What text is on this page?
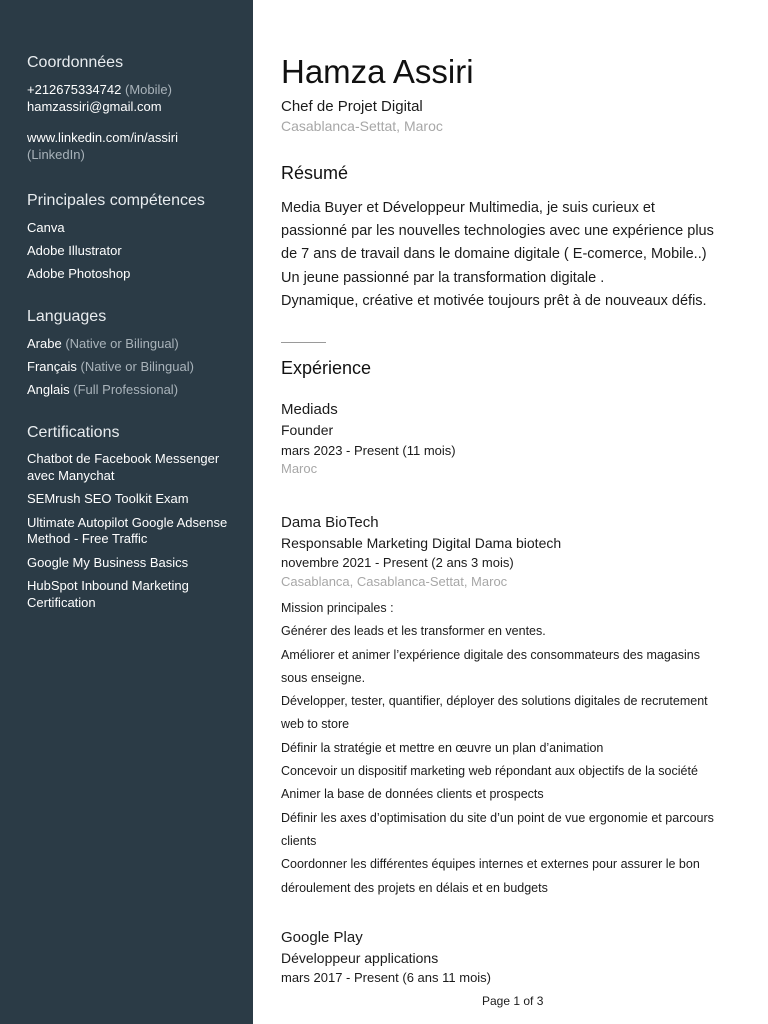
Coordonnées
+212675334742 (Mobile)
hamzassiri@gmail.com
www.linkedin.com/in/assiri
(LinkedIn)
Principales compétences
Canva
Adobe Illustrator
Adobe Photoshop
Languages
Arabe (Native or Bilingual)
Français (Native or Bilingual)
Anglais (Full Professional)
Certifications
Chatbot de Facebook Messenger avec Manychat
SEMrush SEO Toolkit Exam
Ultimate Autopilot Google Adsense Method - Free Traffic
Google My Business Basics
HubSpot Inbound Marketing Certification
Hamza Assiri
Chef de Projet Digital
Casablanca-Settat, Maroc
Résumé
Media Buyer et Développeur Multimedia, je suis curieux et
passionné par les nouvelles technologies avec une expérience plus
de 7 ans de travail dans le domaine digitale ( E-comerce, Mobile..)
Un jeune passionné par la transformation digitale .
Dynamique, créative et motivée toujours prêt à de nouveaux défis.
Expérience
Mediads
Founder
mars 2023 - Present (11 mois)
Maroc
Dama BioTech
Responsable Marketing Digital Dama biotech
novembre 2021 - Present (2 ans 3 mois)
Casablanca, Casablanca-Settat, Maroc
Mission principales :
Générer des leads et les transformer en ventes.
Améliorer et animer l’expérience digitale des consommateurs des magasins
sous enseigne.
Développer, tester, quantifier, déployer des solutions digitales de recrutement
web to store
Définir la stratégie et mettre en œuvre un plan d’animation
Concevoir un dispositif marketing web répondant aux objectifs de la société
Animer la base de données clients et prospects
Définir les axes d’optimisation du site d’un point de vue ergonomie et parcours
clients
Coordonner les différentes équipes internes et externes pour assurer le bon
déroulement des projets en délais et en budgets
Google Play
Développeur applications
mars 2017 - Present (6 ans 11 mois)
Page 1 of 3
